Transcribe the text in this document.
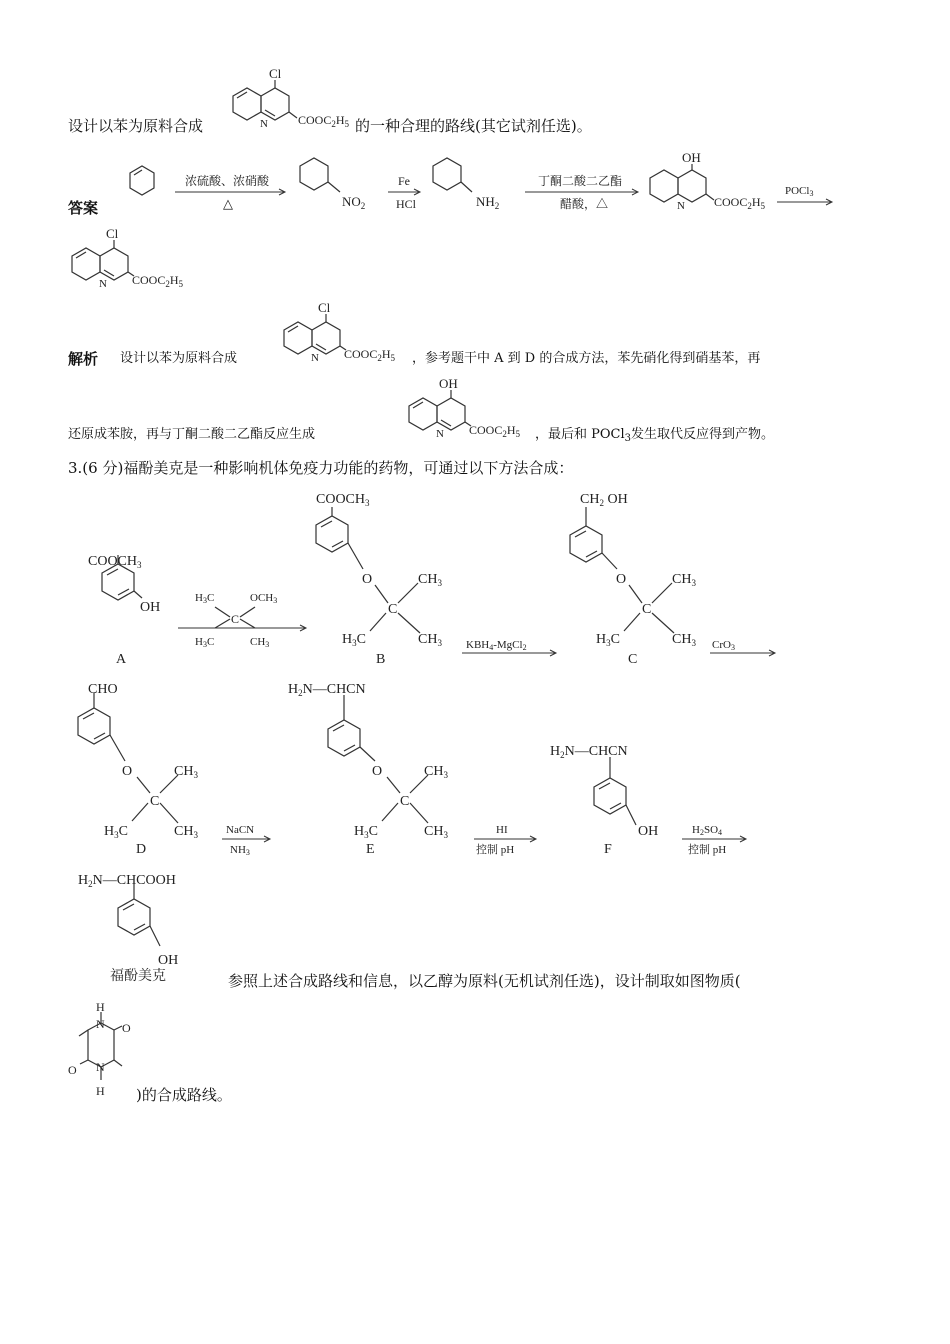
设计以苯为原料合成
Cl
N	$COOC_2H_5$ 的一种合理的路线(其它试剂任选)。
答案
浓硫酸、浓硝酸
△	$NO_2$
Fe
HCl	$NH_2$
丁酮二酸二乙酯
醋酸，△
OH
N $COOC_2H_5$
POCl3
Cl
N $COOC_2H_5$
解析 设计以苯为原料合成
Cl
N $COOC_2H_5$ ，参考题干中 A 到 D 的合成方法，苯先硝化得到硝基苯，再
还原成苯胺，再与丁酮二酸二乙酯反应生成
OH
N $COOC_2H_5$ ，最后和 POCl$_3$发生取代反应得到产物。
3.(6 分)福酚美克是一种影响机体免疫力功能的药物，可通过以下方法合成：
$COOCH_3$
OH
A
H3C	OCH3
C
H3C	CH3
$COOCH_3$
O
C
$CH_3$
$H_3C$	$CH_3$
B
KBH4-MgCl2
$CH_2$ OH
O
C
$CH_3$
$H_3C$	$CH_3$
C
CrO3
CHO
O
C
$CH_3$
$H_3C$	$CH_3$
D
NaCN
NH3
$H_2N—CHCN$
O
C
$CH_3$
$H_3C$	$CH_3$
E
HI
控制 pH
$H_2N—CHCN$
OH
F
H2SO4
控制 pH
$H_2N—CHCOOH$
OH
福酚美克	参照上述合成路线和信息，以乙醇为原料(无机试剂任选)，设计制取如图物质(
H
N O
O N
H )的合成路线。
